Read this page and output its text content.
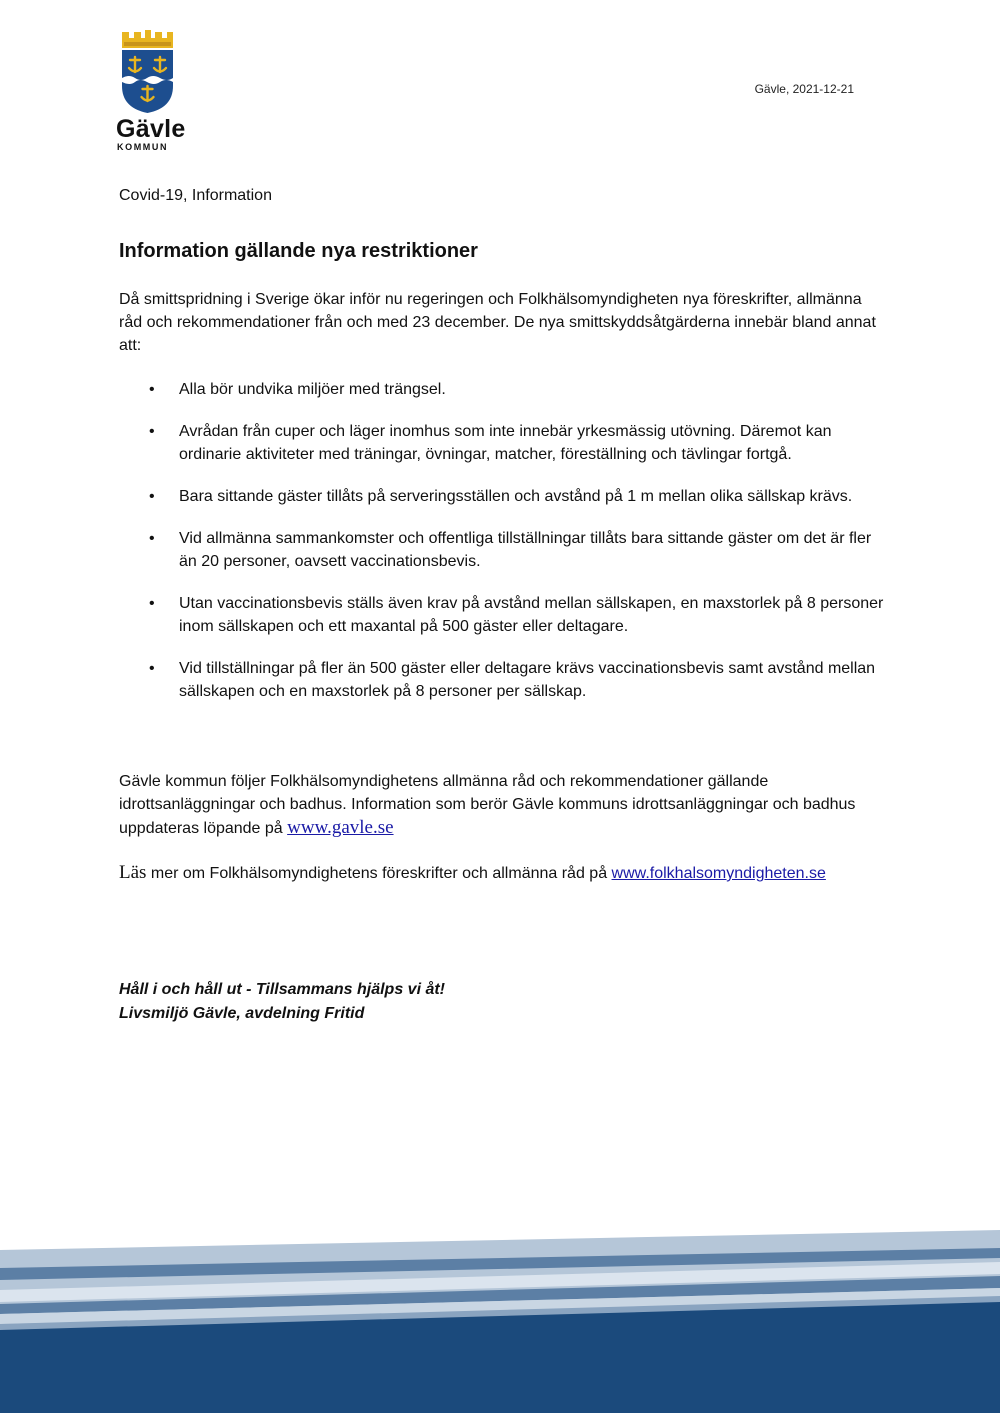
Gävle
KOMMUN
Gävle, 2021-12-21
Covid-19, Information
Information gällande nya restriktioner

Då smittspridning i Sverige ökar inför nu regeringen och Folkhälsomyndigheten nya föreskrifter, allmänna råd och rekommendationer från och med 23 december. De nya smittskyddsåtgärderna innebär bland annat att:

• Alla bör undvika miljöer med trängsel.
• Avrådan från cuper och läger inomhus som inte innebär yrkesmässig utövning. Däremot kan ordinarie aktiviteter med träningar, övningar, matcher, föreställning och tävlingar fortgå.
• Bara sittande gäster tillåts på serveringsställen och avstånd på 1 m mellan olika sällskap krävs.
• Vid allmänna sammankomster och offentliga tillställningar tillåts bara sittande gäster om det är fler än 20 personer, oavsett vaccinationsbevis.
• Utan vaccinationsbevis ställs även krav på avstånd mellan sällskapen, en maxstorlek på 8 personer inom sällskapen och ett maxantal på 500 gäster eller deltagare.
• Vid tillställningar på fler än 500 gäster eller deltagare krävs vaccinationsbevis samt avstånd mellan sällskapen och en maxstorlek på 8 personer per sällskap.

Gävle kommun följer Folkhälsomyndighetens allmänna råd och rekommendationer gällande idrottsanläggningar och badhus. Information som berör Gävle kommuns idrottsanläggningar och badhus uppdateras löpande på www.gavle.se

Läs mer om Folkhälsomyndighetens föreskrifter och allmänna råd på www.folkhalsomyndigheten.se

Håll i och håll ut - Tillsammans hjälps vi åt!
Livsmiljö Gävle, avdelning Fritid
